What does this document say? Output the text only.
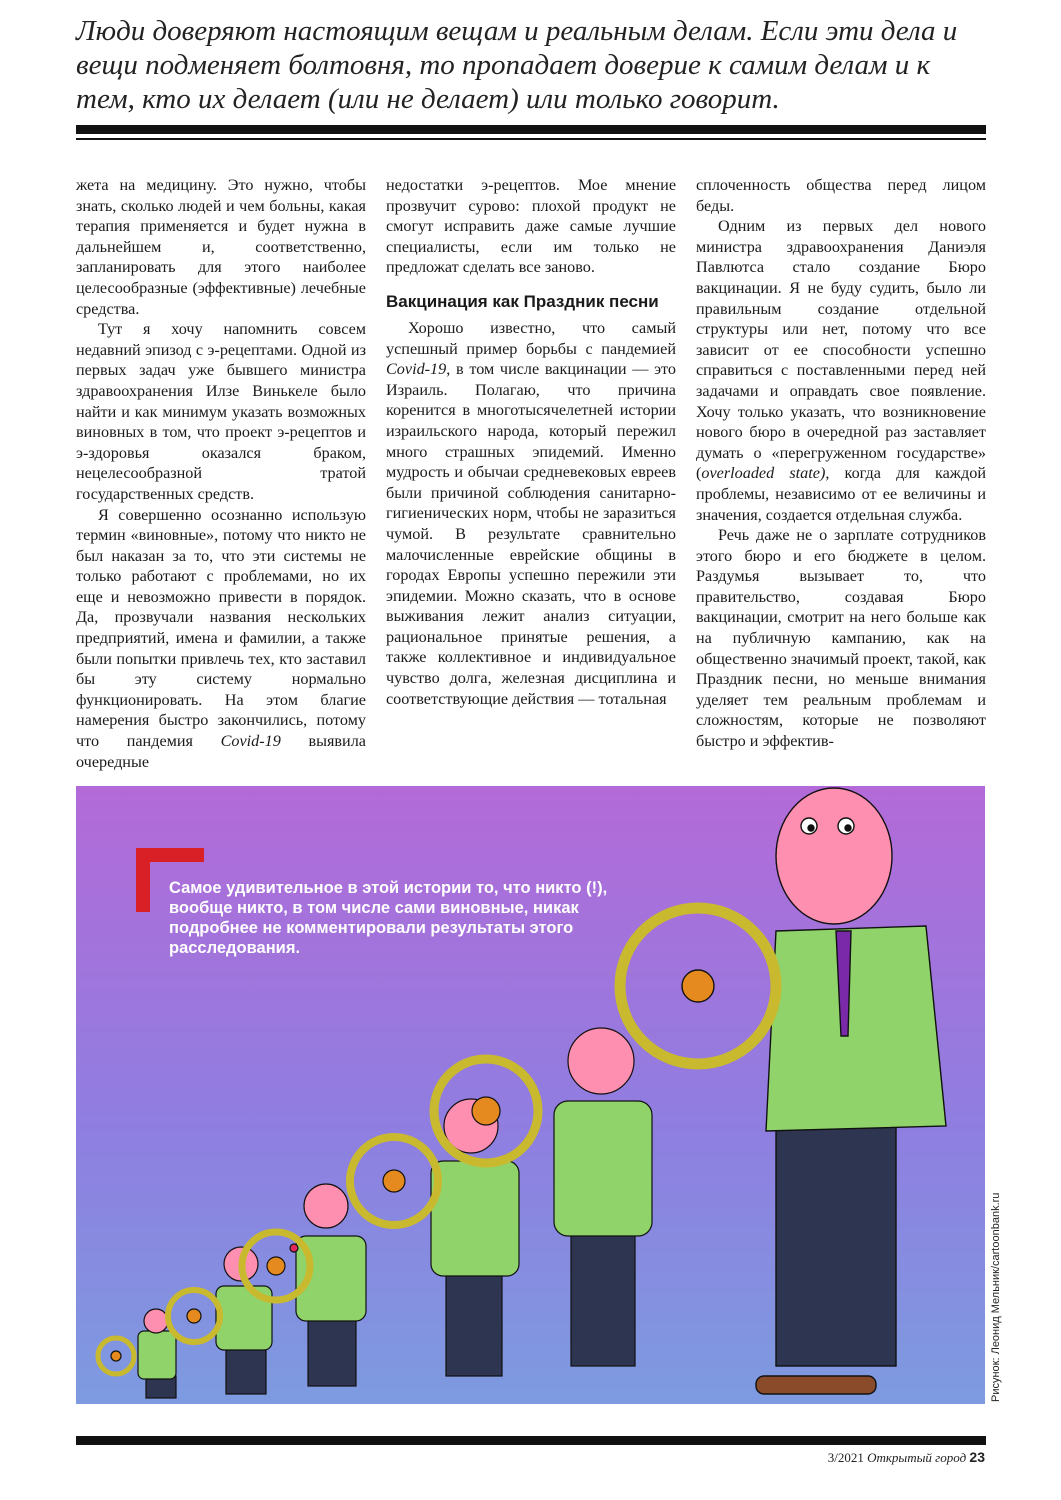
Люди доверяют настоящим вещам и реальным делам. Если эти дела и вещи подменяет болтовня, то пропадает доверие к самим делам и к тем, кто их делает (или не делает) или только говорит.

жета на медицину. Это нужно, чтобы знать, сколько людей и чем больны, какая терапия применяется и будет нужна в дальнейшем и, соответственно, запланировать для этого наиболее целесообразные (эффективные) лечебные средства.

Тут я хочу напомнить совсем недавний эпизод с э-рецептами. Одной из первых задач уже бывшего министра здравоохранения Илзе Винькеле было найти и как минимум указать возможных виновных в том, что проект э-рецептов и э-здоровья оказался браком, нецелесообразной тратой государственных средств.

Я совершенно осознанно использую термин «виновные», потому что никто не был наказан за то, что эти системы не только работают с проблемами, но их еще и невозможно привести в порядок. Да, прозвучали названия нескольких предприятий, имена и фамилии, а также были попытки привлечь тех, кто заставил бы эту систему нормально функционировать. На этом благие намерения быстро закончились, потому что пандемия Covid-19 выявила очередные

недостатки э-рецептов. Мое мнение прозвучит сурово: плохой продукт не смогут исправить даже самые лучшие специалисты, если им только не предложат сделать все заново.

Вакцинация как Праздник песни

Хорошо известно, что самый успешный пример борьбы с пандемией Covid-19, в том числе вакцинации — это Израиль. Полагаю, что причина коренится в многотысячелетней истории израильского народа, который пережил много страшных эпидемий. Именно мудрость и обычаи средневековых евреев были причиной соблюдения санитарно-гигиенических норм, чтобы не заразиться чумой. В результате сравнительно малочисленные еврейские общины в городах Европы успешно пережили эти эпидемии. Можно сказать, что в основе выживания лежит анализ ситуации, рациональное принятые решения, а также коллективное и индивидуальное чувство долга, железная дисциплина и соответствующие действия — тотальная

сплоченность общества перед лицом беды.

Одним из первых дел нового министра здравоохранения Даниэля Павлютса стало создание Бюро вакцинации. Я не буду судить, было ли правильным создание отдельной структуры или нет, потому что все зависит от ее способности успешно справиться с поставленными перед ней задачами и оправдать свое появление. Хочу только указать, что возникновение нового бюро в очередной раз заставляет думать о «перегруженном государстве» (overloaded state), когда для каждой проблемы, независимо от ее величины и значения, создается отдельная служба.

Речь даже не о зарплате сотрудников этого бюро и его бюджете в целом. Раздумья вызывает то, что правительство, создавая Бюро вакцинации, смотрит на него больше как на публичную кампанию, как на общественно значимый проект, такой, как Праздник песни, но меньше внимания уделяет тем реальным проблемам и сложностям, которые не позволяют быстро и эффектив-

Самое удивительное в этой истории то, что никто (!), вообще никто, в том числе сами виновные, никак подробнее не комментировали результаты этого расследования.
Рисунок: Леонид Мельник/cartoonbank.ru
3/2021 Открытый город 23
